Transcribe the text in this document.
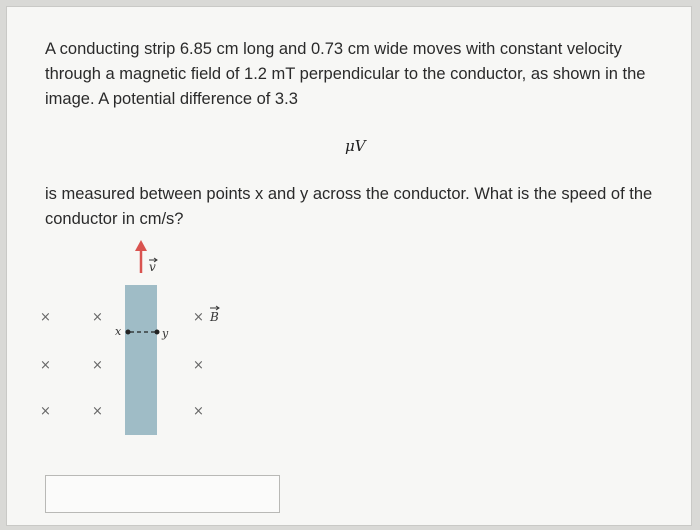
A conducting strip 6.85 cm long and 0.73 cm wide moves with constant velocity through a magnetic field of 1.2 mT perpendicular to the conductor, as shown in the image. A potential difference of 3.3

μV

is measured between points x and y across the conductor. What is the speed of the conductor in cm/s?

×	×	×
×	×	×
×	×	×
B
v
x	y
